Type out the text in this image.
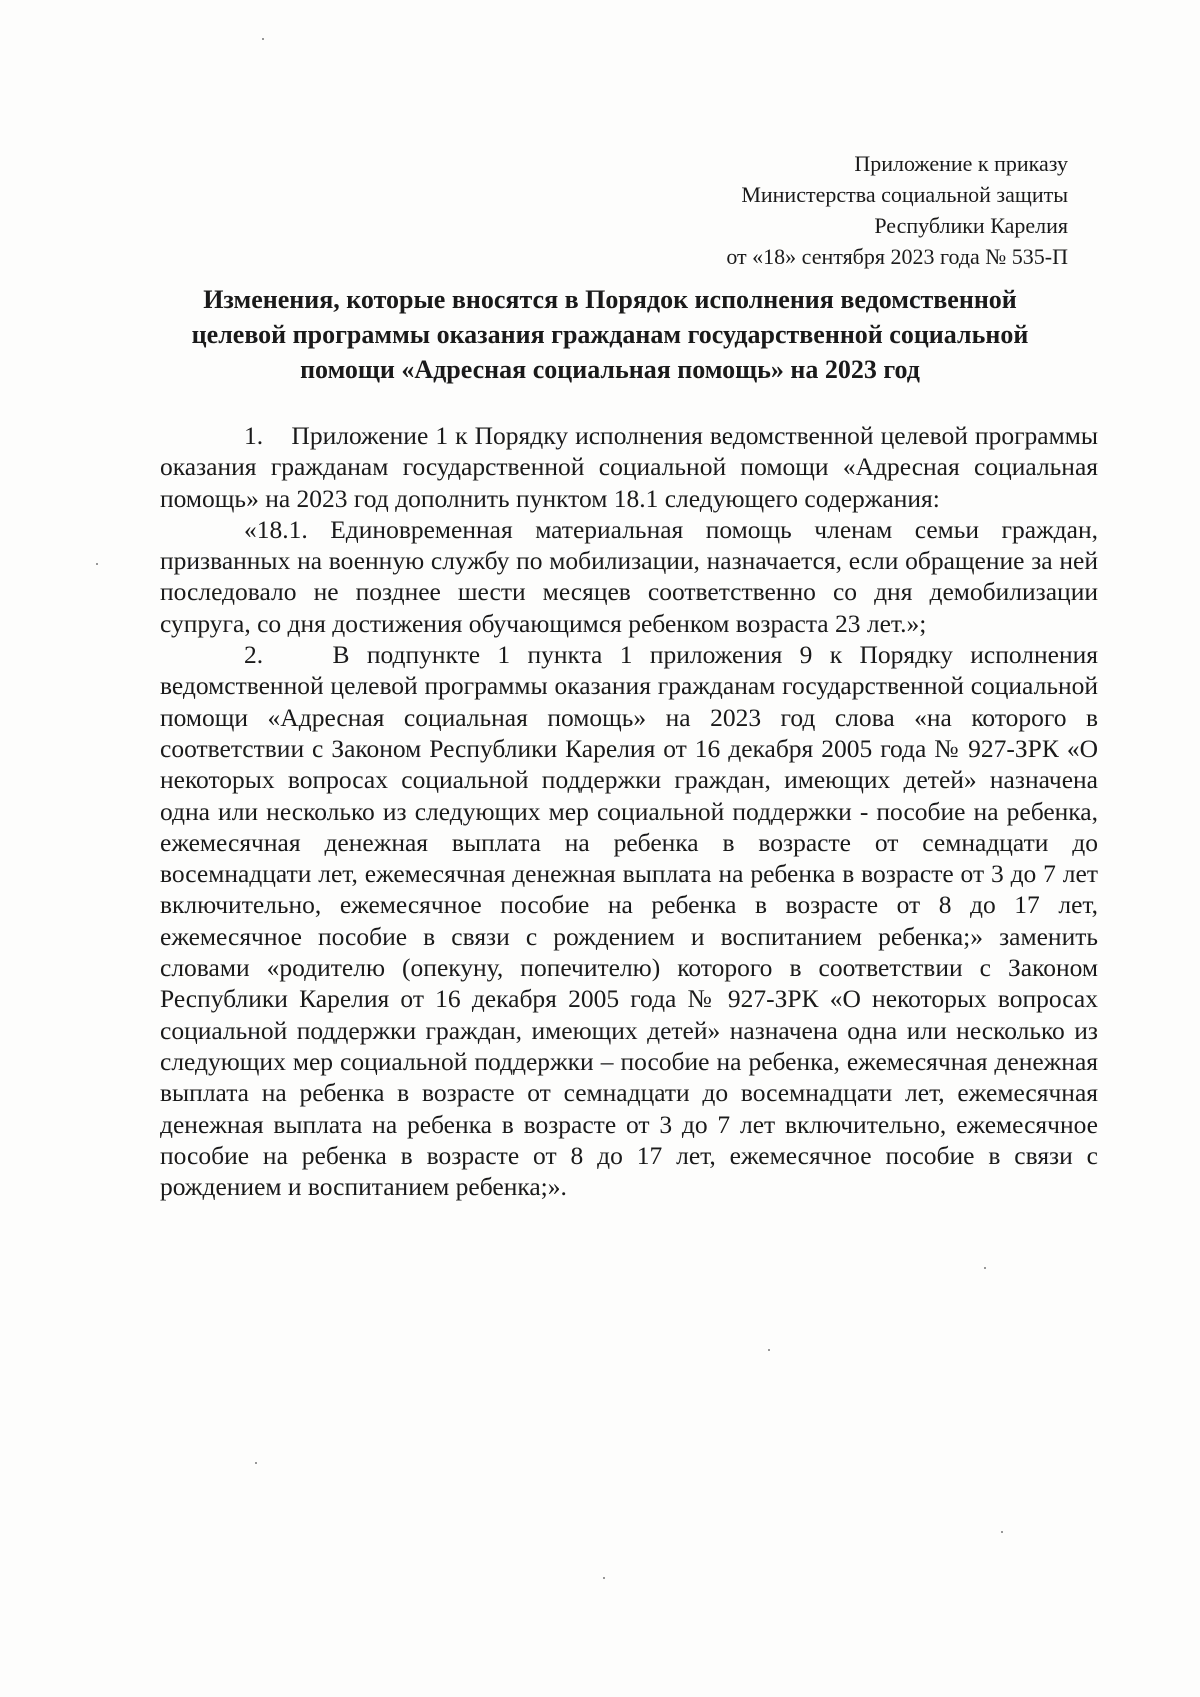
Приложение к приказу
Министерства социальной защиты
Республики Карелия
от «18» сентября 2023 года № 535-П
Изменения, которые вносятся в Порядок исполнения ведомственной
целевой программы оказания гражданам государственной социальной
помощи «Адресная социальная помощь» на 2023 год

1.    Приложение 1 к Порядку исполнения ведомственной целевой программы оказания гражданам государственной социальной помощи «Адресная социальная помощь» на 2023 год дополнить пунктом 18.1 следующего содержания:

«18.1. Единовременная материальная помощь членам семьи граждан, призванных на военную службу по мобилизации, назначается, если обращение за ней последовало не позднее шести месяцев соответственно со дня демобилизации супруга, со дня достижения обучающимся ребенком возраста 23 лет.»;

2.    В подпункте 1 пункта 1 приложения 9 к Порядку исполнения ведомственной целевой программы оказания гражданам государственной социальной помощи «Адресная социальная помощь» на 2023 год слова «на которого в соответствии с Законом Республики Карелия от 16 декабря 2005 года № 927-ЗРК «О некоторых вопросах социальной поддержки граждан, имеющих детей» назначена одна или несколько из следующих мер социальной поддержки - пособие на ребенка, ежемесячная денежная выплата на ребенка в возрасте от семнадцати до восемнадцати лет, ежемесячная денежная выплата на ребенка в возрасте от 3 до 7 лет включительно, ежемесячное пособие на ребенка в возрасте от 8 до 17 лет, ежемесячное пособие в связи с рождением и воспитанием ребенка;» заменить словами «родителю (опекуну, попечителю) которого в соответствии с Законом Республики Карелия от 16 декабря 2005 года № 927-ЗРК «О некоторых вопросах социальной поддержки граждан, имеющих детей» назначена одна или несколько из следующих мер социальной поддержки – пособие на ребенка, ежемесячная денежная выплата на ребенка в возрасте от семнадцати до восемнадцати лет, ежемесячная денежная выплата на ребенка в возрасте от 3 до 7 лет включительно, ежемесячное пособие на ребенка в возрасте от 8 до 17 лет, ежемесячное пособие в связи с рождением и воспитанием ребенка;».
